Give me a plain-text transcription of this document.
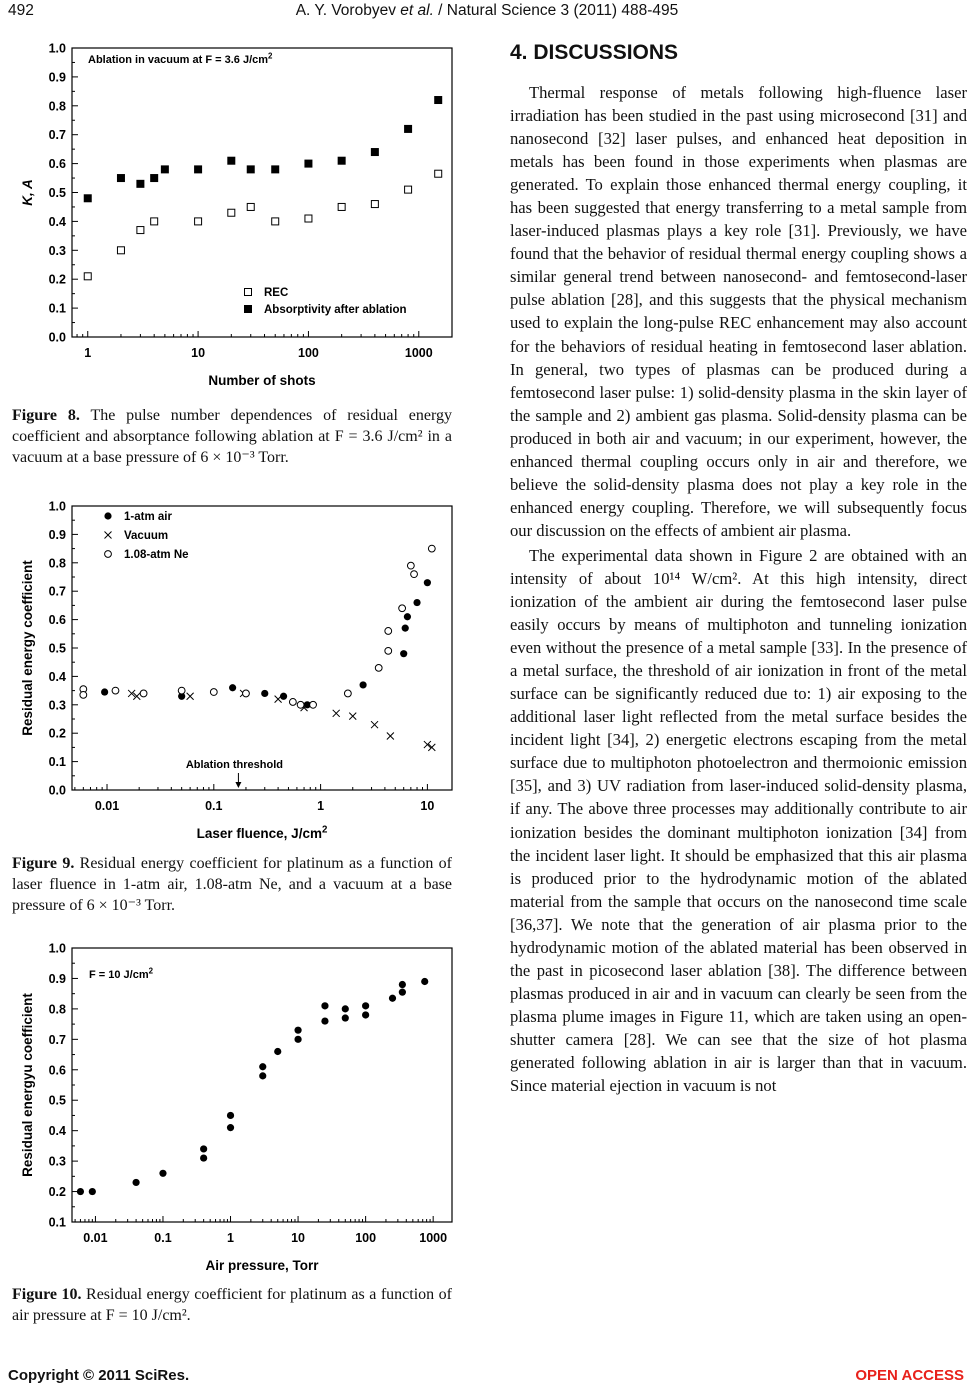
492	A. Y. Vorobyev et al. / Natural Science 3 (2011) 488-495
0.0
0.1
0.2
0.3
0.4
0.5
0.6
0.7
0.8
0.9
1.0
1	10	100	1000
Number of shots
K, A
Ablation in vacuum at F = 3.6 $J/cm^2$
REC
Absorptivity after ablation
Figure 8. The pulse number dependences of residual energy coefficient and absorptance following ablation at F = 3.6 J/cm² in a vacuum at a base pressure of 6 × 10⁻³ Torr.
0.0
0.1
0.2
0.3
0.4
0.5
0.6
0.7
0.8
0.9
1.0
0.01	0.1	1	10
Laser fluence, $J/cm^2$
Residual energy coefficient
1-atm air
Vacuum
1.08-atm Ne
Ablation threshold
Figure 9. Residual energy coefficient for platinum as a function of laser fluence in 1-atm air, 1.08-atm Ne, and a vacuum at a base pressure of 6 × 10⁻³ Torr.
0.1
0.2
0.3
0.4
0.5
0.6
0.7
0.8
0.9
1.0
0.01	0.1	1	10	100	1000
Air pressure, Torr
Residual energyu coefficient
F = 10 $J/cm^2$
Figure 10. Residual energy coefficient for platinum as a function of air pressure at F = 10 J/cm².
4. DISCUSSIONS

Thermal response of metals following high-fluence laser irradiation has been studied in the past using microsecond [31] and nanosecond [32] laser pulses, and enhanced heat deposition in metals has been found in those experiments when plasmas are generated. To explain those enhanced thermal energy coupling, it has been suggested that energy transferring to a metal sample from laser-induced plasmas plays a key role [31]. Previously, we have found that the behavior of residual thermal energy coupling shows a similar general trend between nanosecond- and femtosecond-laser pulse ablation [28], and this suggests that the physical mechanism used to explain the long-pulse REC enhancement may also account for the behaviors of residual heating in femtosecond laser ablation. In general, two types of plasmas can be produced during a femtosecond laser pulse: 1) solid-density plasma in the skin layer of the sample and 2) ambient gas plasma. Solid-density plasma can be produced in both air and vacuum; in our experiment, however, the enhanced thermal coupling occurs only in air and therefore, we believe the solid-density plasma does not play a key role in the enhanced energy coupling. Therefore, we will subsequently focus our discussion on the effects of ambient air plasma.

The experimental data shown in Figure 2 are obtained with an intensity of about 10¹⁴ W/cm². At this high intensity, direct ionization of the ambient air during the femtosecond laser pulse easily occurs by means of multiphoton and tunneling ionization even without the presence of a metal sample [33]. In the presence of a metal surface, the threshold of air ionization in front of the metal surface can be significantly reduced due to: 1) air exposing to the additional laser light reflected from the metal surface besides the incident light [34], 2) energetic electrons escaping from the metal surface due to multiphoton photoelectron and thermoionic emission [35], and 3) UV radiation from laser-induced solid-density plasma, if any. The above three processes may additionally contribute to air ionization besides the dominant multiphoton ionization [34] from the incident laser light. It should be emphasized that this air plasma is produced prior to the hydrodynamic motion of the ablated material from the sample that occurs on the nanosecond time scale [36,37]. We note that the generation of air plasma prior to the hydrodynamic motion of the ablated material has been observed in the past in picosecond laser ablation [38]. The difference between plasmas produced in air and in vacuum can clearly be seen from the plasma plume images in Figure 11, which are taken using an open-shutter camera [28]. We can see that the size of hot plasma generated following ablation in air is larger than that in vacuum. Since material ejection in vacuum is not

Copyright © 2011 SciRes.	OPEN ACCESS
